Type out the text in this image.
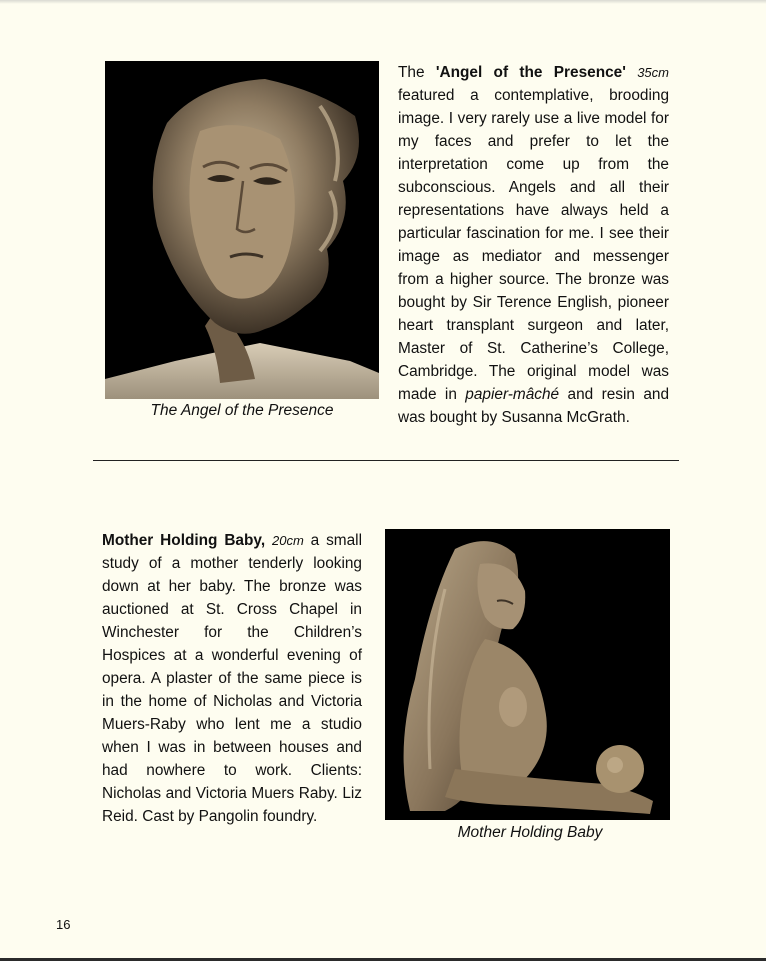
The Angel of the Presence
The 'Angel of the Presence' 35cm featured a contemplative, brooding image. I very rarely use a live model for my faces and prefer to let the interpretation come up from the subconscious. Angels and all their representations have always held a particular fascination for me. I see their image as mediator and messenger from a higher source. The bronze was bought by Sir Terence English, pioneer heart transplant surgeon and later, Master of St. Catherine’s College, Cambridge. The original model was made in papier-mâché and resin and was bought by Susanna McGrath.
Mother Holding Baby, 20cm a small study of a mother tenderly looking down at her baby. The bronze was auctioned at St. Cross Chapel in Winchester for the Children’s Hospices at a wonderful evening of opera. A plaster of the same piece is in the home of Nicholas and Victoria Muers-Raby who lent me a studio when I was in between houses and had nowhere to work. Clients: Nicholas and Victoria Muers Raby. Liz Reid. Cast by Pangolin foundry.
Mother Holding Baby
16
